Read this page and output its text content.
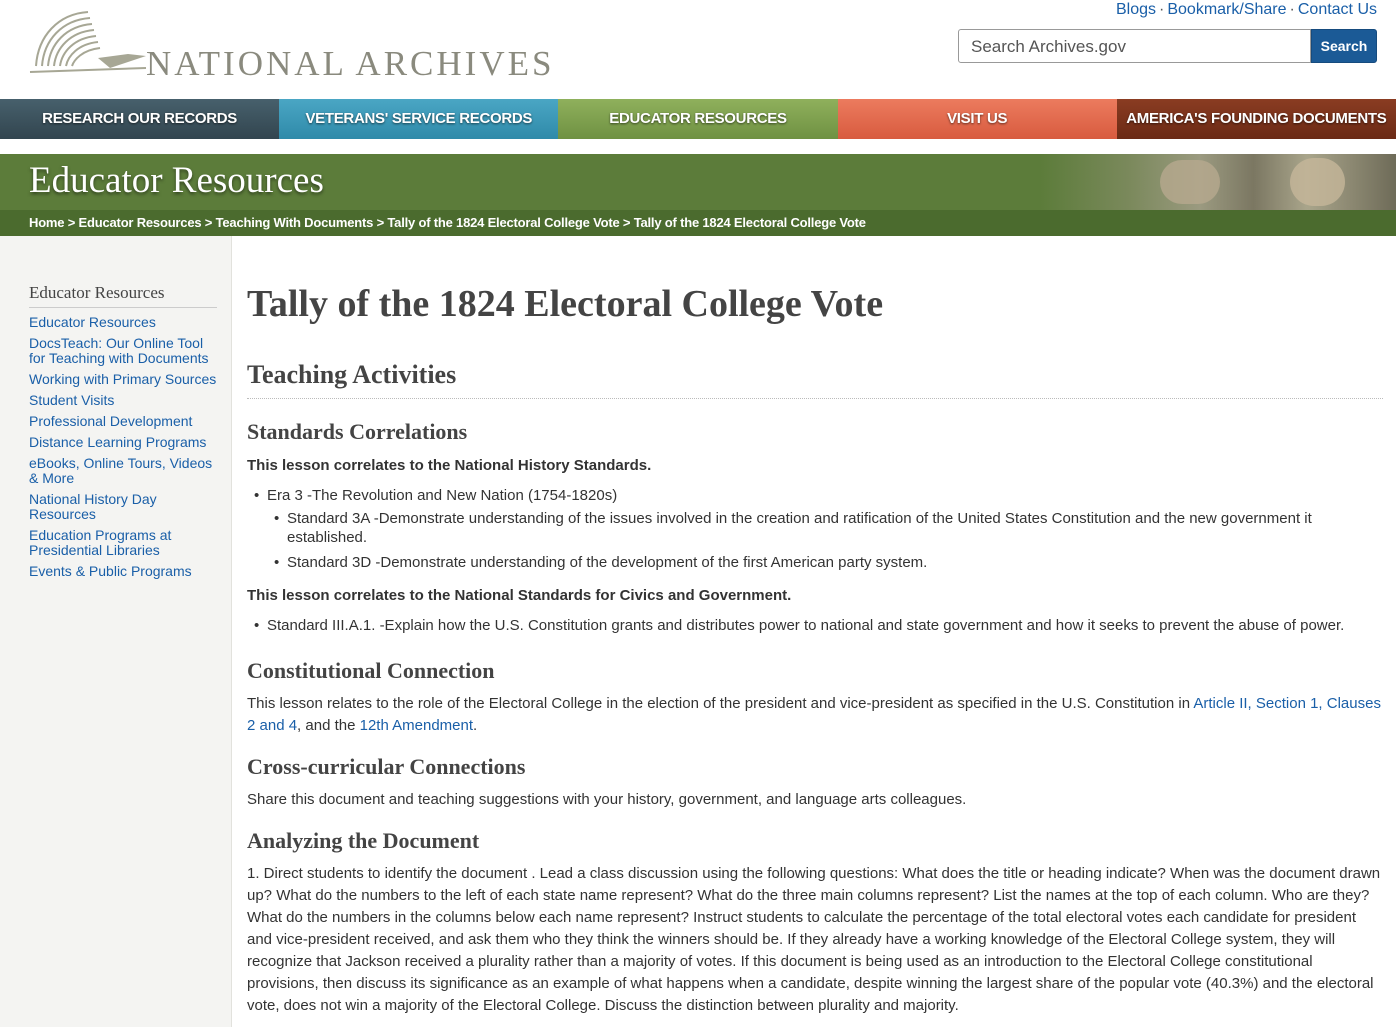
NATIONAL ARCHIVES
Blogs · Bookmark/Share · Contact Us
Search Archives.gov	Search
RESEARCH OUR RECORDS	VETERANS' SERVICE RECORDS	EDUCATOR RESOURCES	VISIT US	AMERICA'S FOUNDING DOCUMENTS
Educator Resources
Home > Educator Resources > Teaching With Documents > Tally of the 1824 Electoral College Vote > Tally of the 1824 Electoral College Vote
Educator Resources
Educator Resources
DocsTeach: Our Online Tool for Teaching with Documents
Working with Primary Sources
Student Visits
Professional Development
Distance Learning Programs
eBooks, Online Tours, Videos & More
National History Day Resources
Education Programs at Presidential Libraries
Events & Public Programs
Tally of the 1824 Electoral College Vote
Teaching Activities
Standards Correlations
This lesson correlates to the National History Standards.
• Era 3 -The Revolution and New Nation (1754-1820s)
• Standard 3A -Demonstrate understanding of the issues involved in the creation and ratification of the United States Constitution and the new government it established.
• Standard 3D -Demonstrate understanding of the development of the first American party system.
This lesson correlates to the National Standards for Civics and Government.
• Standard III.A.1. -Explain how the U.S. Constitution grants and distributes power to national and state government and how it seeks to prevent the abuse of power.
Constitutional Connection

This lesson relates to the role of the Electoral College in the election of the president and vice-president as specified in the U.S. Constitution in Article II, Section 1, Clauses 2 and 4, and the 12th Amendment.

Cross-curricular Connections

Share this document and teaching suggestions with your history, government, and language arts colleagues.

Analyzing the Document

1. Direct students to identify the document . Lead a class discussion using the following questions: What does the title or heading indicate? When was the document drawn up? What do the numbers to the left of each state name represent? What do the three main columns represent? List the names at the top of each column. Who are they? What do the numbers in the columns below each name represent? Instruct students to calculate the percentage of the total electoral votes each candidate for president and vice-president received, and ask them who they think the winners should be. If they already have a working knowledge of the Electoral College system, they will recognize that Jackson received a plurality rather than a majority of votes. If this document is being used as an introduction to the Electoral College constitutional provisions, then discuss its significance as an example of what happens when a candidate, despite winning the largest share of the popular vote (40.3%) and the electoral vote, does not win a majority of the Electoral College. Discuss the distinction between plurality and majority.
